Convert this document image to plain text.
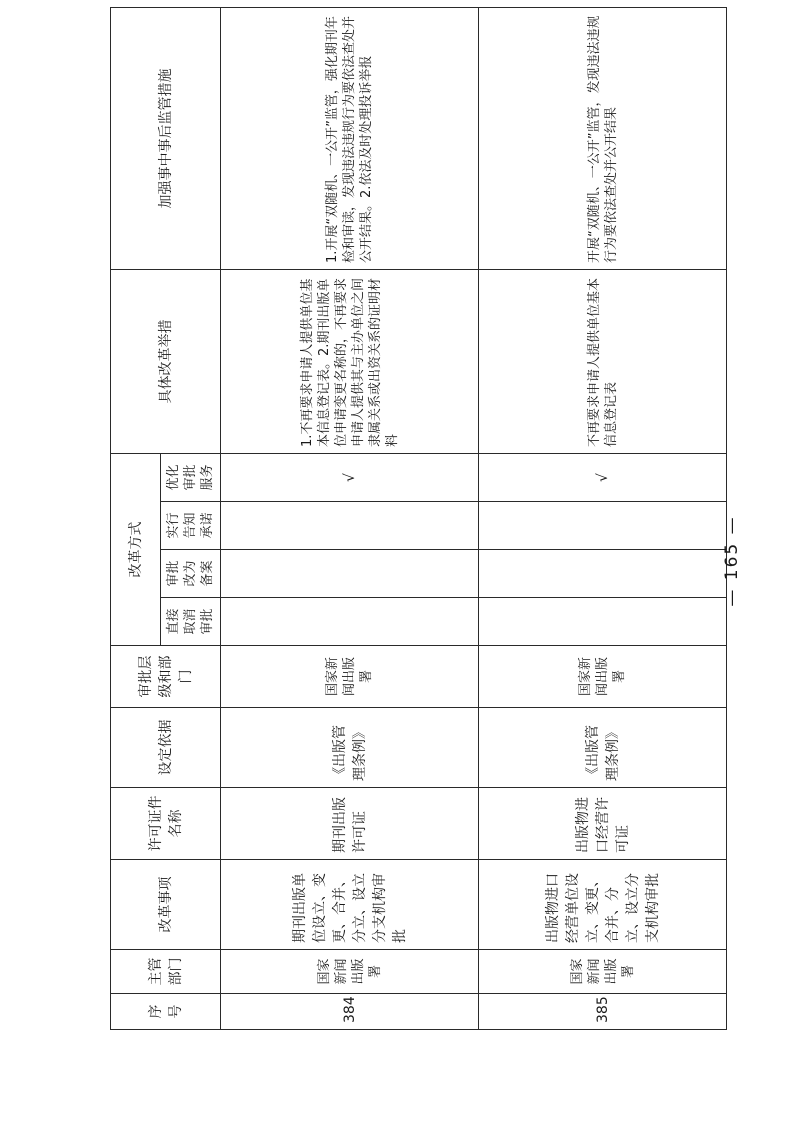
序号	主管部门	改革事项	许可证件名称	设定依据	审批层级和部门	改革方式				具体改革举措	加强事中事后监管措施
						直接取消审批	审批改为备案	实行告知承诺	优化审批服务		
384	国家新闻出版署	期刊出版单位设立、变更、合并、分立、设立分支机构审批	期刊出版许可证	《出版管理条例》	国家新闻出版署				√	1.不再要求申请人提供单位基本信息登记表。2.期刊出版单位申请变更名称的，不再要求申请人提供其与主办单位之间隶属关系或出资关系的证明材料	1.开展“双随机、一公开”监管，强化期刊年检和审读，发现违法违规行为要依法查处并公开结果。2.依法及时处理投诉举报
385	国家新闻出版署	出版物进口经营单位设立、变更、合并、分立、设立分支机构审批	出版物进口经营许可证	《出版管理条例》	国家新闻出版署				√	不再要求申请人提供单位基本信息登记表	开展“双随机、一公开”监管，发现违法违规行为要依法查处并公开结果
— 165 —
